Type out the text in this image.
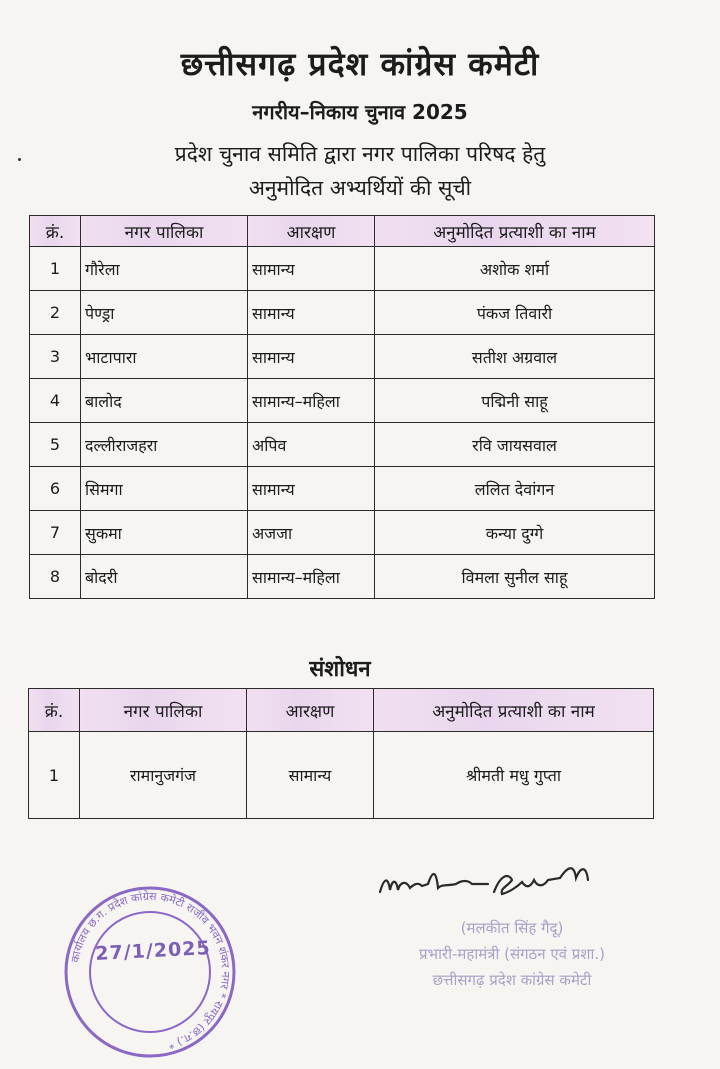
छत्तीसगढ़ प्रदेश कांग्रेस कमेटी
नगरीय–निकाय चुनाव 2025
प्रदेश चुनाव समिति द्वारा नगर पालिका परिषद हेतु
अनुमोदित अभ्यर्थियों की सूची
क्रं.	नगर पालिका	आरक्षण	अनुमोदित प्रत्याशी का नाम
1	गौरेला	सामान्य	अशोक शर्मा
2	पेण्ड्रा	सामान्य	पंकज तिवारी
3	भाटापारा	सामान्य	सतीश अग्रवाल
4	बालोद	सामान्य–महिला	पद्मिनी साहू
5	दल्लीराजहरा	अपिव	रवि जायसवाल
6	सिमगा	सामान्य	ललित देवांगन
7	सुकमा	अजजा	कन्या दुग्गे
8	बोदरी	सामान्य–महिला	विमला सुनील साहू
संशोधन
क्रं.	नगर पालिका	आरक्षण	अनुमोदित प्रत्याशी का नाम
1	रामानुजगंज	सामान्य	श्रीमती मधु गुप्ता
(मलकीत सिंह गैदू)
प्रभारी-महामंत्री (संगठन एवं प्रशा.)
छत्तीसगढ़ प्रदेश कांग्रेस कमेटी
कार्यालय छ.ग. प्रदेश कांग्रेस कमेटी राजीव भवन शंकर नगर * रायपुर (छ.ग.) *
27/1/2025
